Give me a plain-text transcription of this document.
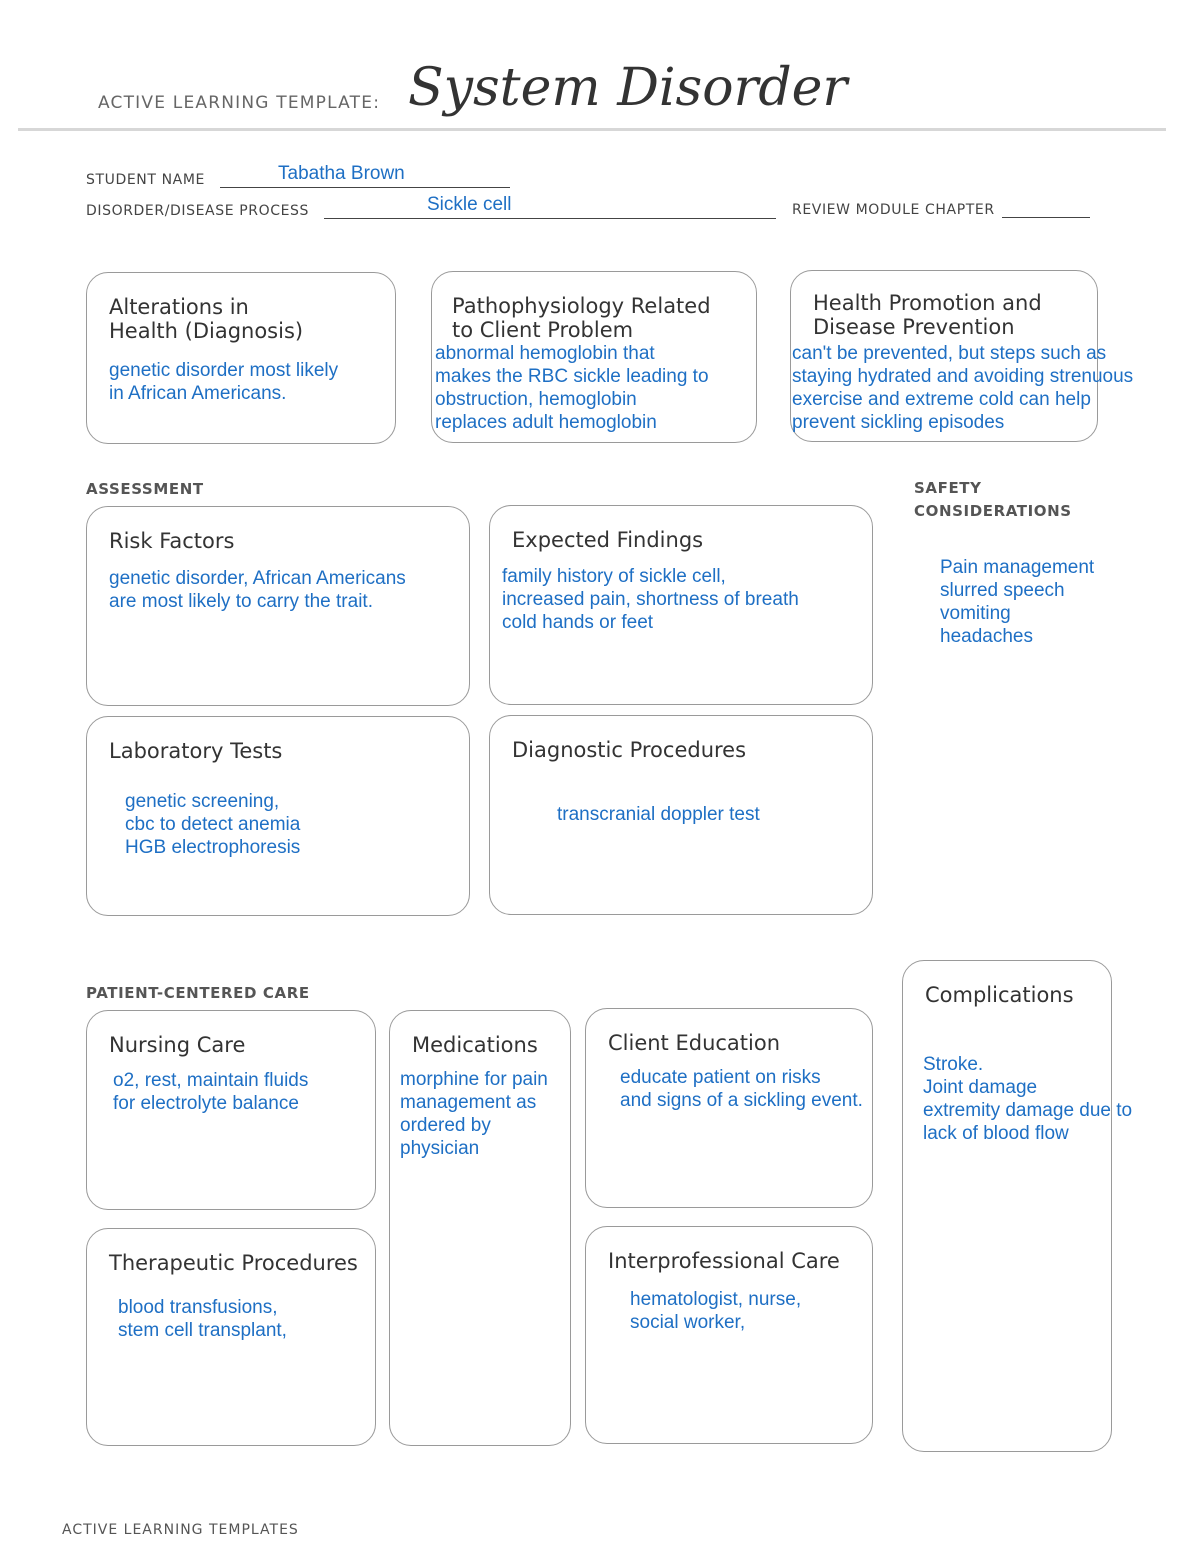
ACTIVE LEARNING TEMPLATE: System Disorder
STUDENT NAME	Tabatha Brown
DISORDER/DISEASE PROCESS	Sickle cell	REVIEW MODULE CHAPTER
Alterations in
Health (Diagnosis)
genetic disorder most likely
in African Americans.
Pathophysiology Related
to Client Problem
abnormal hemoglobin that
makes the RBC sickle leading to
obstruction, hemoglobin
replaces adult hemoglobin
Health Promotion and
Disease Prevention
can't be prevented, but steps such as
staying hydrated and avoiding strenuous
exercise and extreme cold can help
prevent sickling episodes
ASSESSMENT
Risk Factors
genetic disorder, African Americans
are most likely to carry the trait.
Expected Findings
family history of sickle cell,
increased pain, shortness of breath
cold hands or feet
Laboratory Tests
genetic screening,
cbc to detect anemia
HGB electrophoresis
Diagnostic Procedures
transcranial doppler test
SAFETY
CONSIDERATIONS
Pain management
slurred speech
vomiting
headaches
PATIENT-CENTERED CARE
Nursing Care
o2, rest, maintain fluids
for electrolyte balance
Medications
morphine for pain
management as
ordered by
physician
Client Education
educate patient on risks
and signs of a sickling event.
Therapeutic Procedures
blood transfusions,
stem cell transplant,
Interprofessional Care
hematologist, nurse,
social worker,
Complications
Stroke.
Joint damage
extremity damage due to
lack of blood flow
ACTIVE LEARNING TEMPLATES
